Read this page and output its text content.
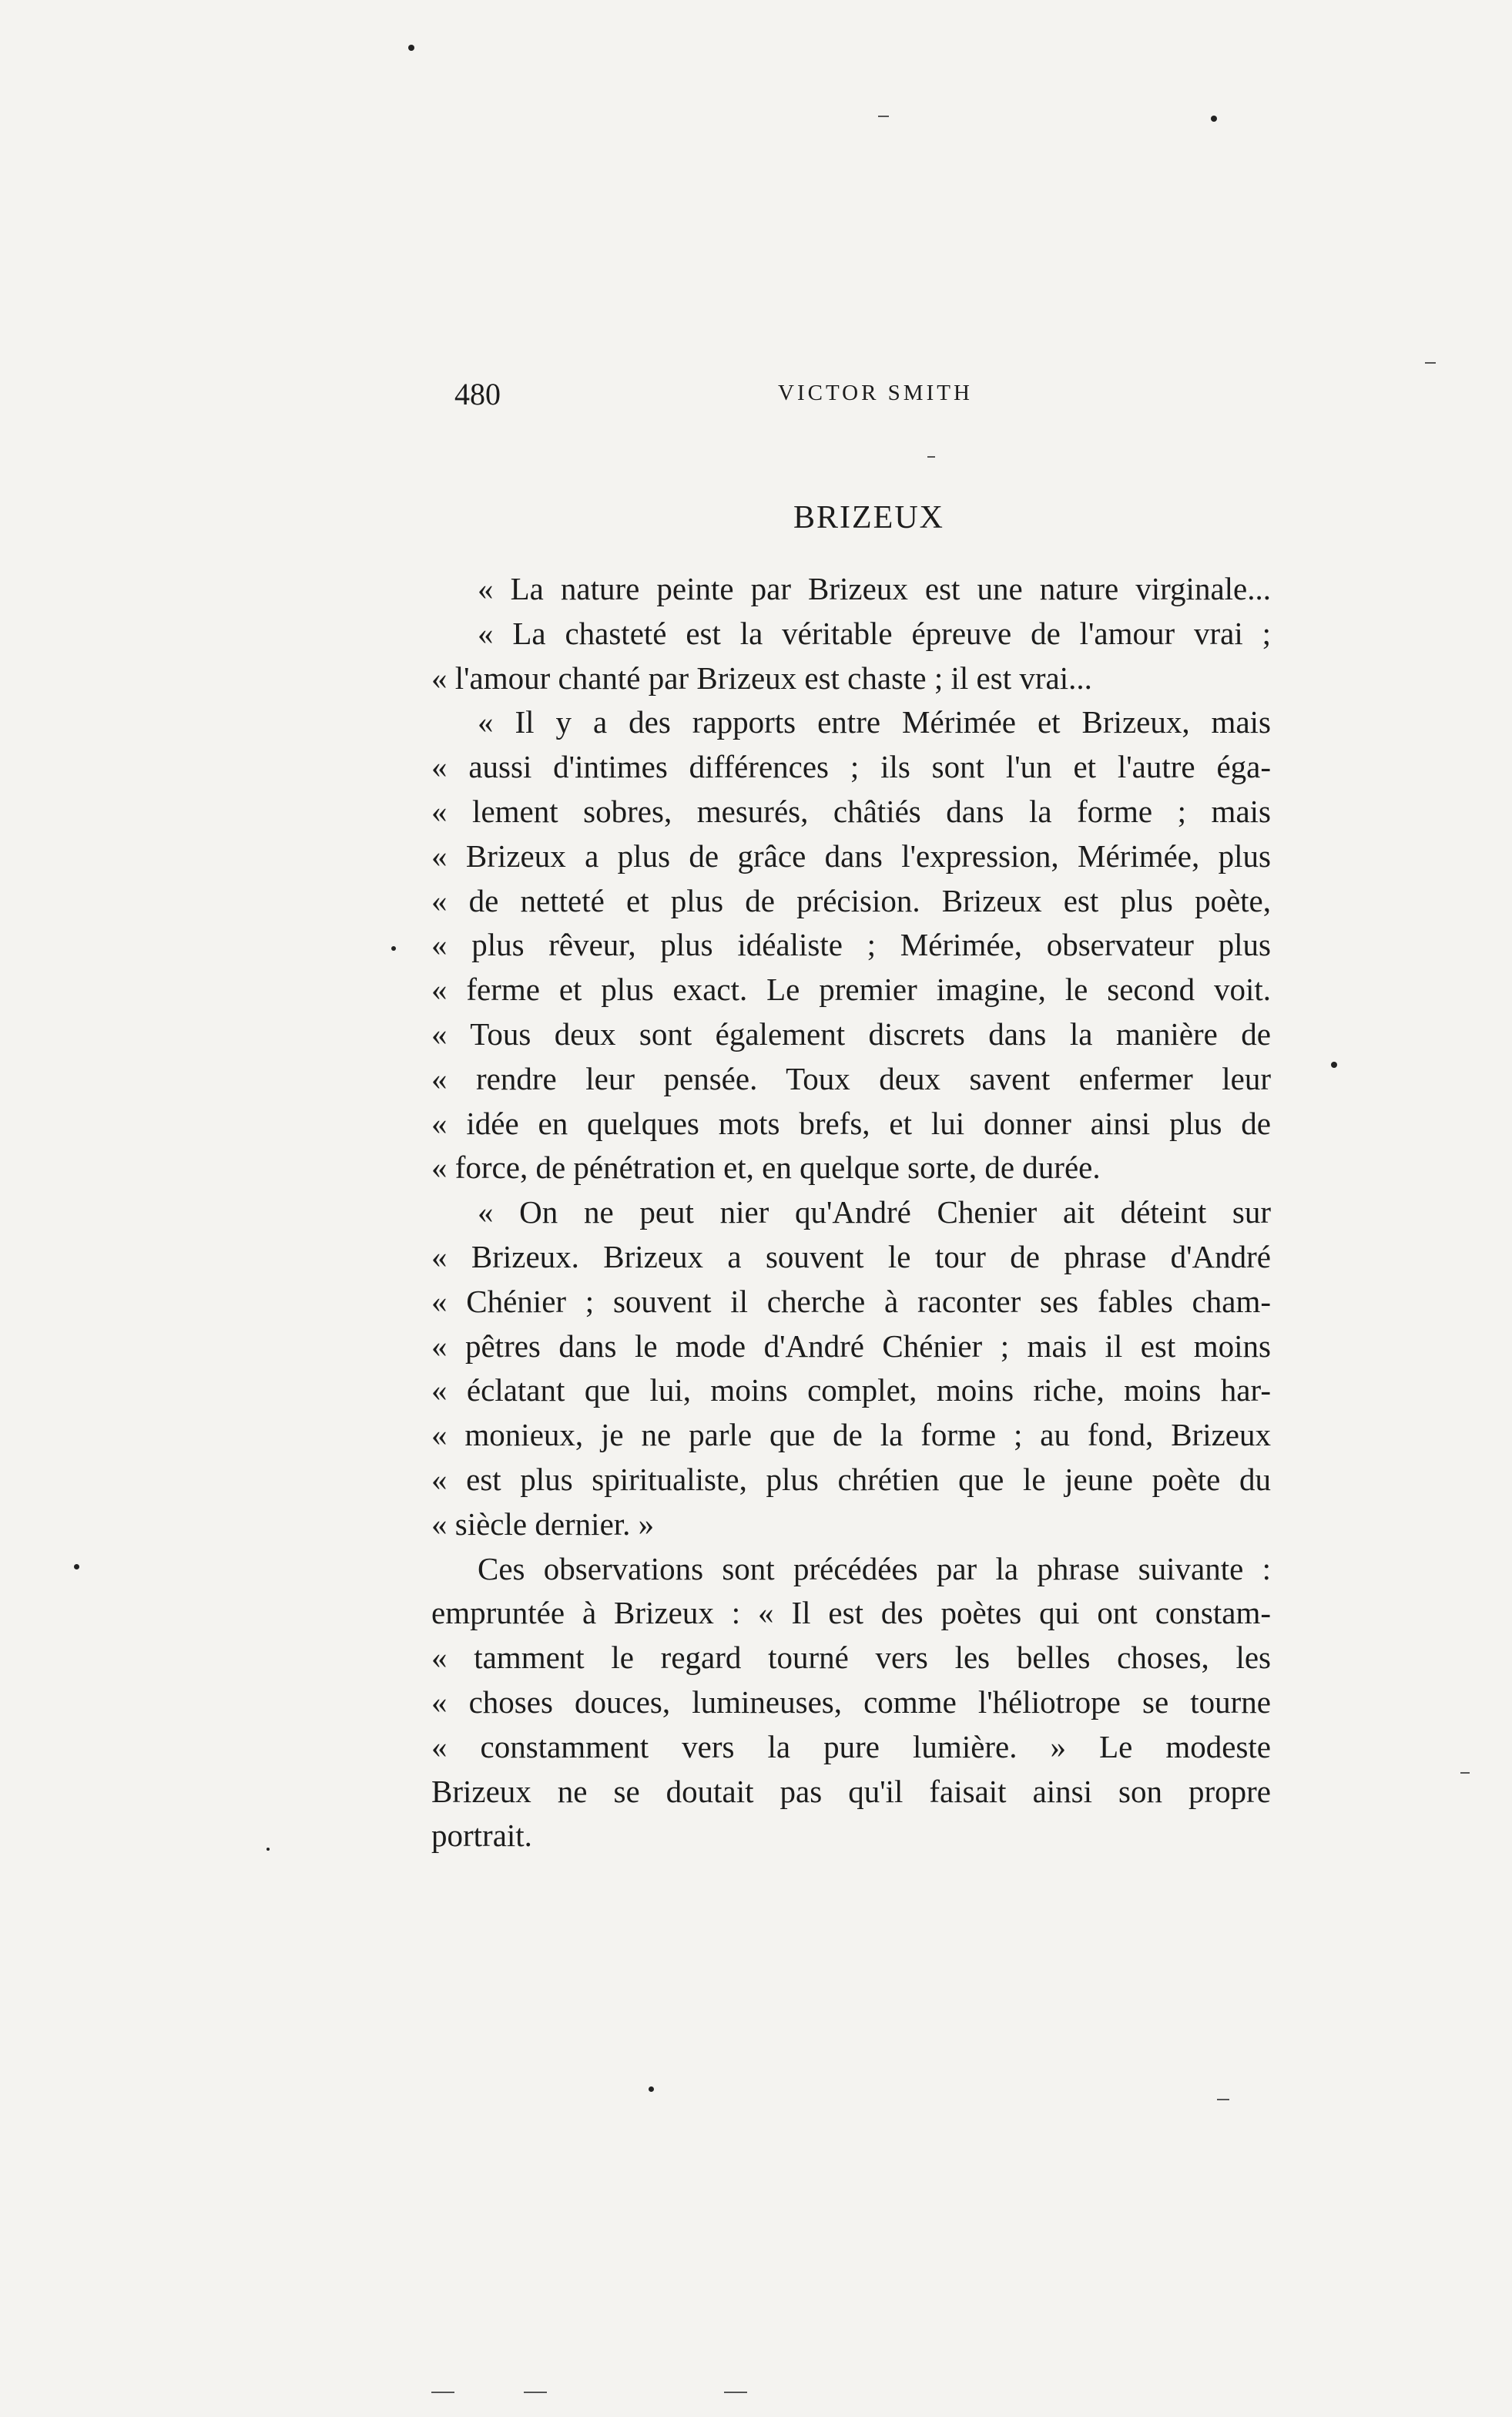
480	VICTOR SMITH
BRIZEUX
« La nature peinte par Brizeux est une nature virginale...
« La chasteté est la véritable épreuve de l'amour vrai ;
« l'amour chanté par Brizeux est chaste ; il est vrai...
« Il y a des rapports entre Mérimée et Brizeux, mais
« aussi d'intimes différences ; ils sont l'un et l'autre éga-
« lement sobres, mesurés, châtiés dans la forme ; mais
« Brizeux a plus de grâce dans l'expression, Mérimée, plus
« de netteté et plus de précision. Brizeux est plus poète,
« plus rêveur, plus idéaliste ; Mérimée, observateur plus
« ferme et plus exact. Le premier imagine, le second voit.
« Tous deux sont également discrets dans la manière de
« rendre leur pensée. Toux deux savent enfermer leur
« idée en quelques mots brefs, et lui donner ainsi plus de
« force, de pénétration et, en quelque sorte, de durée.
« On ne peut nier qu'André Chenier ait déteint sur
« Brizeux. Brizeux a souvent le tour de phrase d'André
« Chénier ; souvent il cherche à raconter ses fables cham-
« pêtres dans le mode d'André Chénier ; mais il est moins
« éclatant que lui, moins complet, moins riche, moins har-
« monieux, je ne parle que de la forme ; au fond, Brizeux
« est plus spiritualiste, plus chrétien que le jeune poète du
« siècle dernier. »
Ces observations sont précédées par la phrase suivante :
empruntée à Brizeux : « Il est des poètes qui ont constam-
« tamment le regard tourné vers les belles choses, les
« choses douces, lumineuses, comme l'héliotrope se tourne
« constamment vers la pure lumière. » Le modeste
Brizeux ne se doutait pas qu'il faisait ainsi son propre
portrait.
